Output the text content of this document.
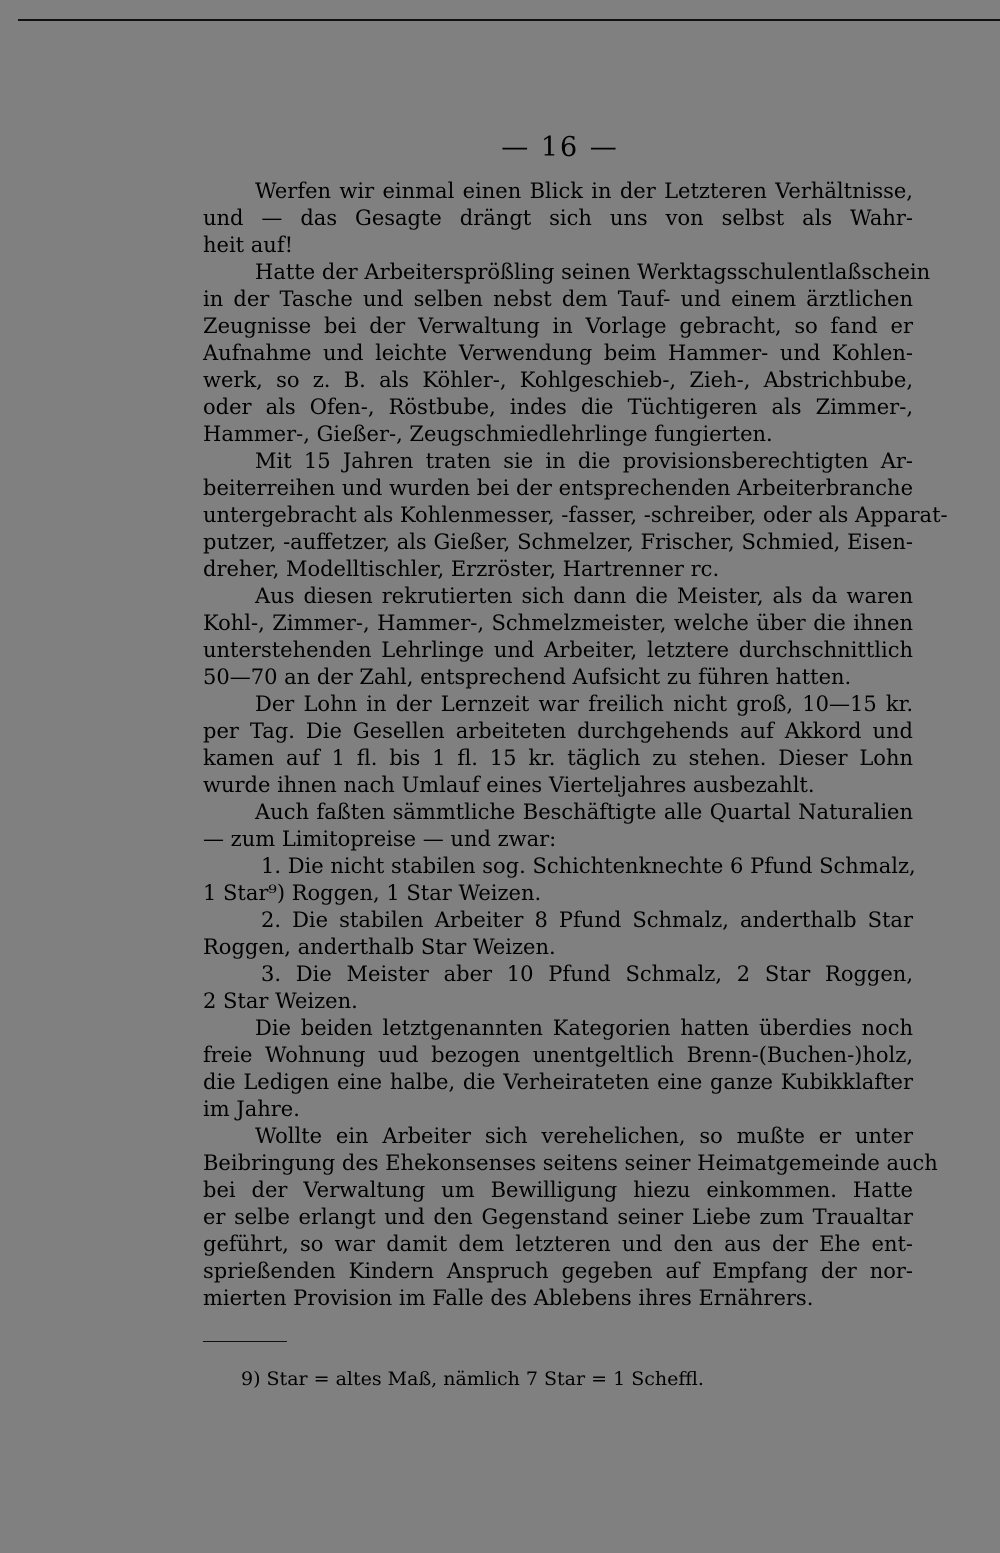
— 16 —
Werfen wir einmal einen Blick in der Letzteren Verhältnisse,
und — das Gesagte drängt sich uns von selbst als Wahr-
heit auf!
Hatte der Arbeitersprößling seinen Werktagsschulentlaßschein
in der Tasche und selben nebst dem Tauf- und einem ärztlichen
Zeugnisse bei der Verwaltung in Vorlage gebracht, so fand er
Aufnahme und leichte Verwendung beim Hammer- und Kohlen-
werk, so z. B. als Köhler-, Kohlgeschieb-, Zieh-, Abstrichbube,
oder als Ofen-, Röstbube, indes die Tüchtigeren als Zimmer-,
Hammer-, Gießer-, Zeugschmiedlehrlinge fungierten.
Mit 15 Jahren traten sie in die provisionsberechtigten Ar-
beiterreihen und wurden bei der entsprechenden Arbeiterbranche
untergebracht als Kohlenmesser, -fasser, -schreiber, oder als Apparat-
putzer, -auffetzer, als Gießer, Schmelzer, Frischer, Schmied, Eisen-
dreher, Modelltischler, Erzröster, Hartrenner rc.
Aus diesen rekrutierten sich dann die Meister, als da waren
Kohl-, Zimmer-, Hammer-, Schmelzmeister, welche über die ihnen
unterstehenden Lehrlinge und Arbeiter, letztere durchschnittlich
50—70 an der Zahl, entsprechend Aufsicht zu führen hatten.
Der Lohn in der Lernzeit war freilich nicht groß, 10—15 kr.
per Tag. Die Gesellen arbeiteten durchgehends auf Akkord und
kamen auf 1 fl. bis 1 fl. 15 kr. täglich zu stehen. Dieser Lohn
wurde ihnen nach Umlauf eines Vierteljahres ausbezahlt.
Auch faßten sämmtliche Beschäftigte alle Quartal Naturalien
— zum Limitopreise — und zwar:
1. Die nicht stabilen sog. Schichtenknechte 6 Pfund Schmalz,
1 Star⁹) Roggen, 1 Star Weizen.
2. Die stabilen Arbeiter 8 Pfund Schmalz, anderthalb Star
Roggen, anderthalb Star Weizen.
3. Die Meister aber 10 Pfund Schmalz, 2 Star Roggen,
2 Star Weizen.
Die beiden letztgenannten Kategorien hatten überdies noch
freie Wohnung uud bezogen unentgeltlich Brenn-(Buchen-)holz,
die Ledigen eine halbe, die Verheirateten eine ganze Kubikklafter
im Jahre.
Wollte ein Arbeiter sich verehelichen, so mußte er unter
Beibringung des Ehekonsenses seitens seiner Heimatgemeinde auch
bei der Verwaltung um Bewilligung hiezu einkommen. Hatte
er selbe erlangt und den Gegenstand seiner Liebe zum Traualtar
geführt, so war damit dem letzteren und den aus der Ehe ent-
sprießenden Kindern Anspruch gegeben auf Empfang der nor-
mierten Provision im Falle des Ablebens ihres Ernährers.
9) Star = altes Maß, nämlich 7 Star = 1 Scheffl.
